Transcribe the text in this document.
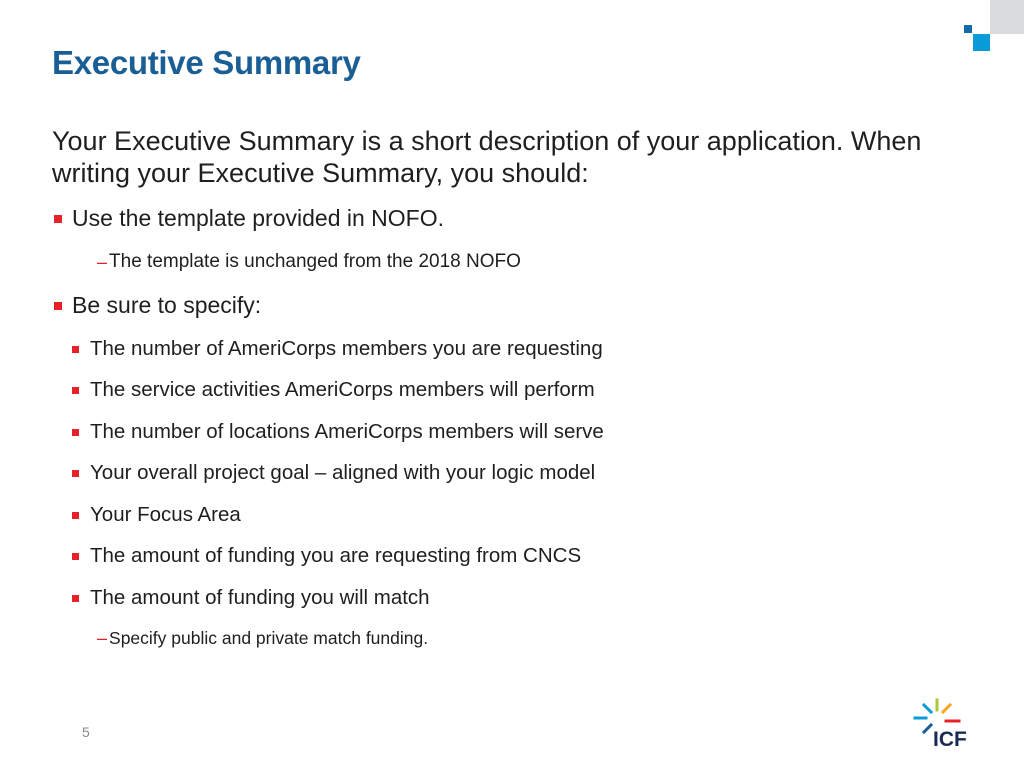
Executive Summary

Your Executive Summary is a short description of your application. When writing your Executive Summary, you should:

Use the template provided in NOFO.
– The template is unchanged from the 2018 NOFO
Be sure to specify:
The number of AmeriCorps members you are requesting
The service activities AmeriCorps members will perform
The number of locations AmeriCorps members will serve
Your overall project goal – aligned with your logic model
Your Focus Area
The amount of funding you are requesting from CNCS
The amount of funding you will match
– Specify public and private match funding.
5	ICF
